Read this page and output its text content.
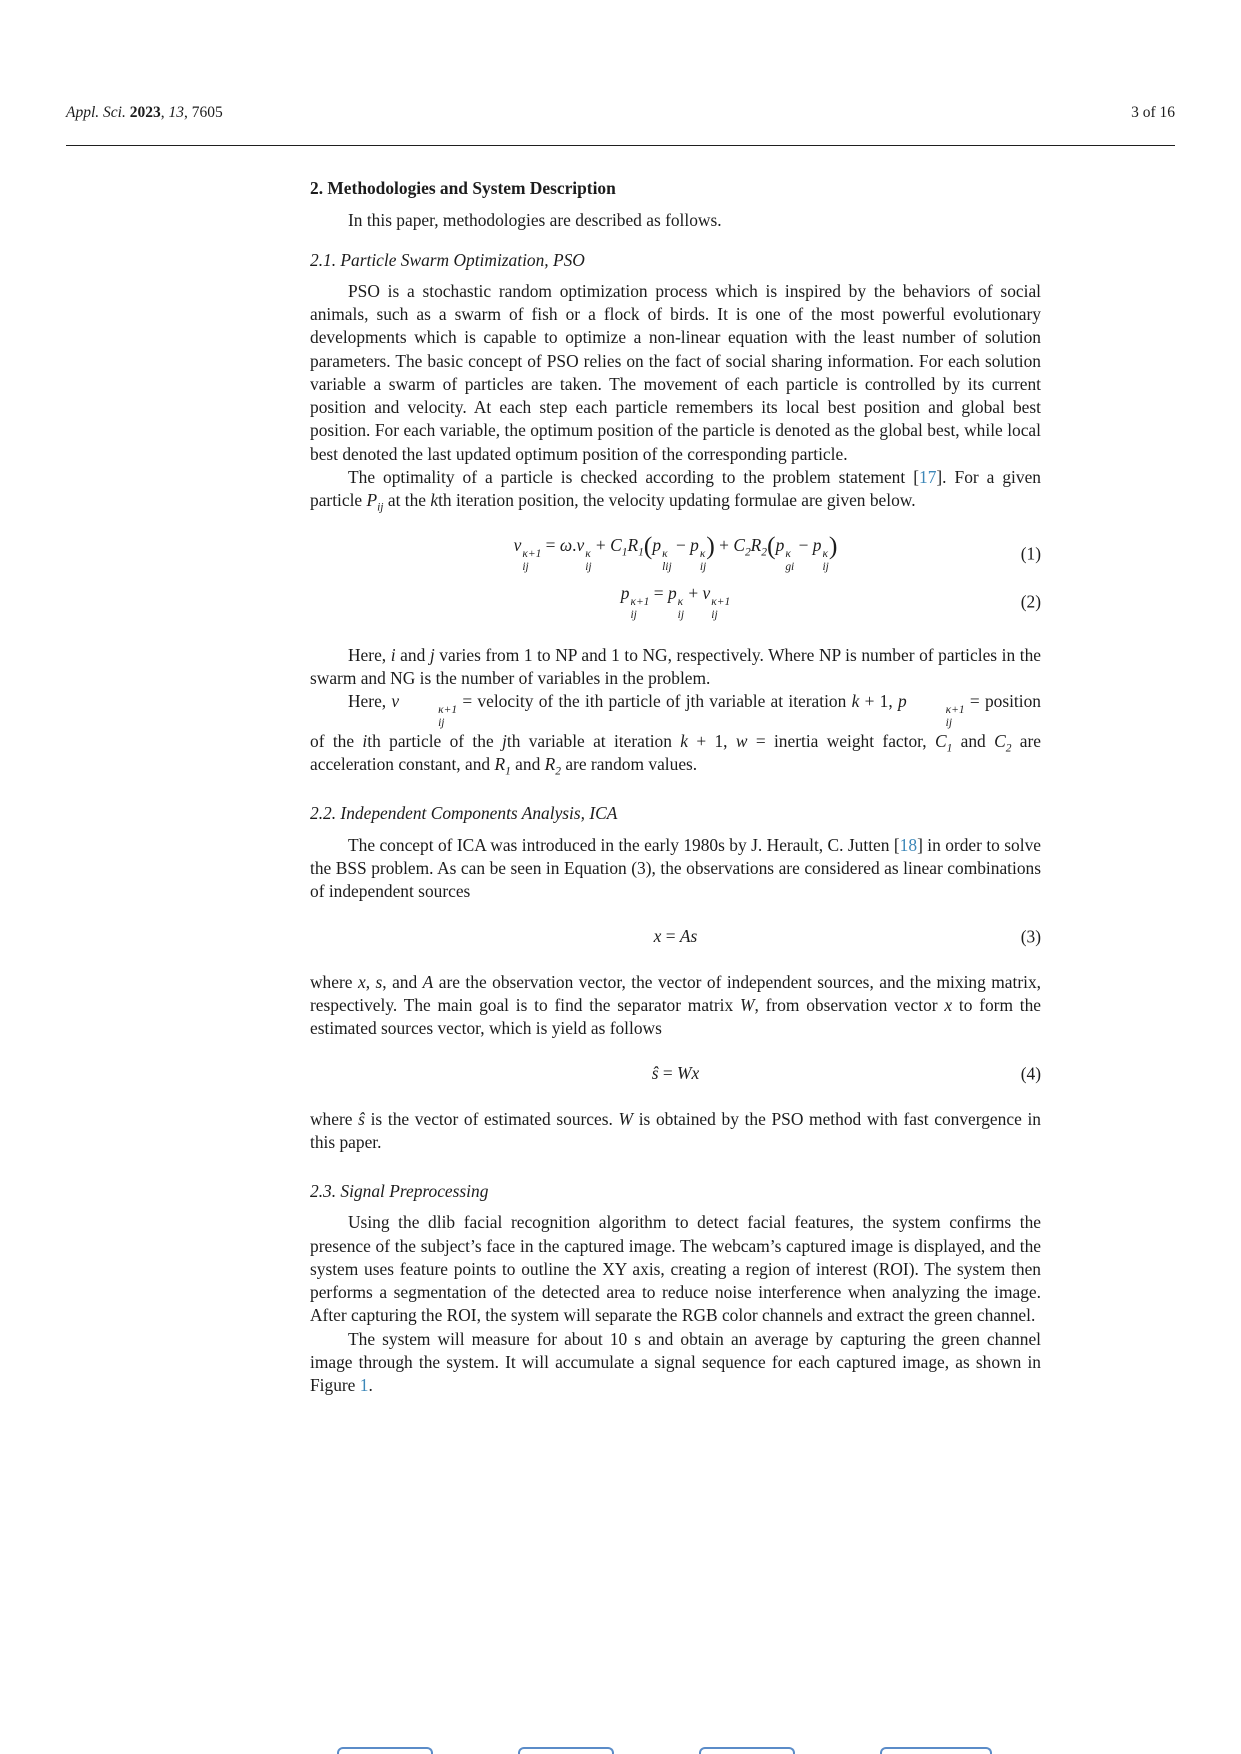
Appl. Sci. 2023, 13, 7605	3 of 16
2. Methodologies and System Description

In this paper, methodologies are described as follows.

2.1. Particle Swarm Optimization, PSO

PSO is a stochastic random optimization process which is inspired by the behaviors of social animals, such as a swarm of fish or a flock of birds. It is one of the most powerful evolutionary developments which is capable to optimize a non-linear equation with the least number of solution parameters. The basic concept of PSO relies on the fact of social sharing information. For each solution variable a swarm of particles are taken. The movement of each particle is controlled by its current position and velocity. At each step each particle remembers its local best position and global best position. For each variable, the optimum position of the particle is denoted as the global best, while local best denoted the last updated optimum position of the corresponding particle.

The optimality of a particle is checked according to the problem statement [17]. For a given particle $P_{ij}$ at the kth iteration position, the velocity updating formulae are given below.

v κ+1
ij
= ω.v κ
ij
+ $C_1R_1(p$ κ
lij
− p κ
ij
) + $C_2R_2(p$ κ
gi
− p κ
ij
)	(1)
p κ+1
ij
= p κ
ij
+ v κ+1
ij
(2)

Here, i and j varies from 1 to NP and 1 to NG, respectively. Where NP is number of particles in the swarm and NG is the number of variables in the problem.

Here, v	κ+1
ij
= velocity of the ith particle of jth variable at iteration k + 1, p	κ+1
ij
= position of the ith particle of the jth variable at iteration k + 1, w = inertia weight factor, $C_1$ and $C_2$ are acceleration constant, and $R_1$ and $R_2$ are random values.

2.2. Independent Components Analysis, ICA

The concept of ICA was introduced in the early 1980s by J. Herault, C. Jutten [18] in order to solve the BSS problem. As can be seen in Equation (3), the observations are considered as linear combinations of independent sources

x = As	(3)

where x, s, and A are the observation vector, the vector of independent sources, and the mixing matrix, respectively. The main goal is to find the separator matrix W, from observation vector x to form the estimated sources vector, which is yield as follows

ŝ = Wx	(4)

where ŝ is the vector of estimated sources. W is obtained by the PSO method with fast convergence in this paper.

2.3. Signal Preprocessing

Using the dlib facial recognition algorithm to detect facial features, the system confirms the presence of the subject’s face in the captured image. The webcam’s captured image is displayed, and the system uses feature points to outline the XY axis, creating a region of interest (ROI). The system then performs a segmentation of the detected area to reduce noise interference when analyzing the image. After capturing the ROI, the system will separate the RGB color channels and extract the green channel.

The system will measure for about 10 s and obtain an average by capturing the green channel image through the system. It will accumulate a signal sequence for each captured image, as shown in Figure 1.
